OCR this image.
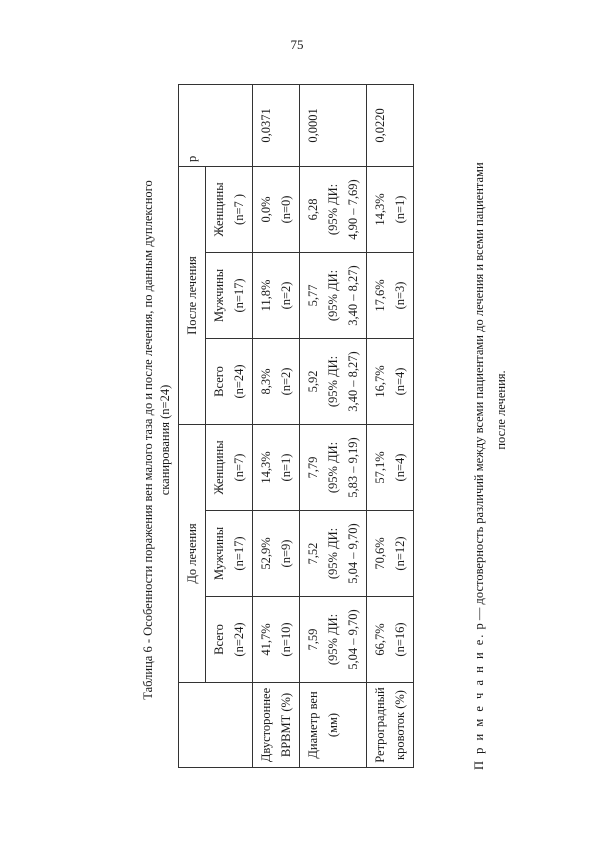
75
Таблица 6 - Особенности поражения вен малого таза до и после лечения, по данным дуплексного сканирования (n=24)
	До лечения			После лечения			р

	Всего (n=24)	Мужчины (n=17)	Женщины (n=7)	Всего (n=24)	Мужчины (n=17)	Женщины (n=7 )	

Двустороннее ВРВМТ (%)	41,7% (n=10)	52,9% (n=9)	14,3% (n=1)	8,3% (n=2)	11,8% (n=2)	0,0% (n=0)	0,0371

Диаметр вен (мм)	7,59 (95% ДИ: 5,04 – 9,70)	7,52 (95% ДИ: 5,04 – 9,70)	7,79 (95% ДИ: 5,83 – 9,19)	5,92 (95% ДИ: 3,40 – 8,27)	5,77 (95% ДИ: 3,40 – 8,27)	6,28 (95% ДИ: 4,90 – 7,69)	0,0001

Ретроградный кровоток (%)	66,7% (n=16)	70,6% (n=12)	57,1% (n=4)	16,7% (n=4)	17,6% (n=3)	14,3% (n=1)	0,0220
П р и м е ч а н и е. р — достоверность различий между всеми пациентами до лечения и всеми пациентами после лечения.
